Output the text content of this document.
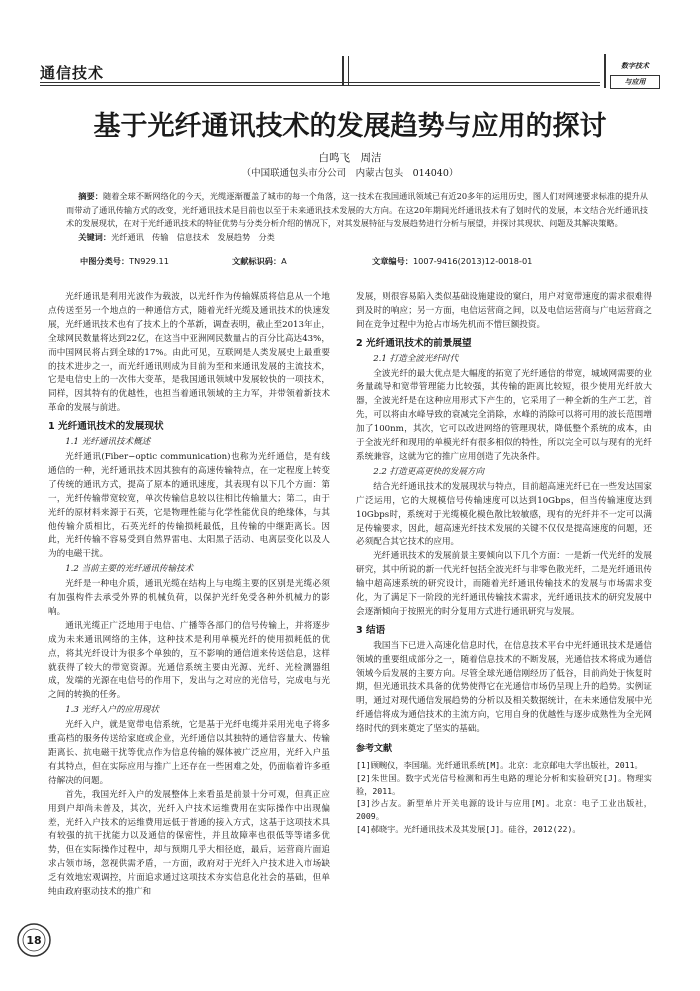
通信技术	数字技术
与应用
基于光纤通讯技术的发展趋势与应用的探讨
白鸣飞　周洁
（中国联通包头市分公司　内蒙古包头　014040）

摘要：随着全球不断网络化的今天，光缆逐渐覆盖了城市的每一个角落，这一技术在我国通讯领域已有近20多年的运用历史，图人们对网速要求标准的提升从而带动了通讯传输方式的改变，光纤通讯技术是目前也以至于未来通讯技术发展的大方向。在这20年期间光纤通讯技术有了划时代的发展，本文结合光纤通讯技术的发展现状，在对于光纤通讯技术的特征优势与分类分析介绍的情况下，对其发展特征与发展趋势进行分析与展望，并探讨其现状、问题及其解决策略。

关键词：光纤通讯　传输　信息技术　发展趋势　分类

中图分类号：TN929.11	文献标识码：A	文章编号：1007-9416(2013)12-0018-01

光纤通讯是利用光波作为载波，以光纤作为传输媒质将信息从一个地点传送至另一个地点的一种通信方式，随着光纤光缆及通讯技术的快速发展，光纤通讯技术也有了技术上的个革新，调查表明，截止至2013年止，全球网民数量将达到22亿，在这当中亚洲网民数量占的百分比高达43%，而中国网民将占到全球的17%。由此可见，互联网是人类发展史上最重要的技术进步之一，而光纤通讯则成为目前为至和来通讯发展的主流技术，它是电信史上的一次伟大变革，是我国通讯领域中发展较快的一项技术，同样，因其特有的优越性，也担当着通讯领域的主力军，并带领着新技术革命的发展与前进。

1 光纤通讯技术的发展现状
1.1 光纤通讯技术概述

光纤通讯(Fiber−optic communication)也称为光纤通信，是有线通信的一种，光纤通讯技术因其独有的高速传输特点，在一定程度上转变了传统的通讯方式，提高了原本的通讯速度，其表现有以下几个方面：第一，光纤传输带宽较宽，单次传输信息较以往相比传输量大；第二，由于光纤的原材料来源于石英，它是物理性能与化学性能优良的绝缘体，与其他传输介质相比，石英光纤的传输损耗最低，且传输的中继距离长。因此，光纤传输不容易受到自然界雷电、太阳黑子活动、电离层变化以及人为的电磁干扰。

1.2 当前主要的光纤通讯传输技术

光纤是一种电介质，通讯光缆在结构上与电缆主要的区别是光缆必须有加强构件去承受外界的机械负荷，以保护光纤免受各种外机械力的影响。

通讯光缆正广泛地用于电信、广播等各部门的信号传输上，并将逐步成为未来通讯网络的主体，这种技术是利用单模光纤的使用损耗低的优点，将其光纤设计为很多个单独的，互不影响的通信道来传送信息，这样就获得了较大的带宽资源。光通信系统主要由光源、光纤、光检测器组成，发端的光源在电信号的作用下，发出与之对应的光信号，完成电与光之间的转换的任务。

1.3 光纤入户的应用现状

光纤入户，就是宽带电信系统，它是基于光纤电缆并采用光电子将多重高档的服务传送给家庭或企业，光纤通信以其独特的通信容量大、传输距离长、抗电磁干扰等优点作为信息传输的媒体被广泛应用，光纤入户虽有其特点，但在实际应用与推广上还存在一些困难之处，仍面临着许多亟待解决的问题。

首先，我国光纤入户的发展整体上来看虽是前景十分可观，但真正应用到户却尚未普及，其次，光纤入户技术运维费用在实际操作中出现偏差，光纤入户技术的运维费用远低于普通的接入方式，这基于这项技术具有较强的抗干扰能力以及通信的保密性，并且故障率也很低等等诸多优势，但在实际操作过程中，却与预期几乎大相径庭，最后，运营商片面追求占领市场，忽视供需矛盾，一方面，政府对于光纤入户技术进入市场缺乏有效地宏观调控，片面追求通过这项技术夯实信息化社会的基础，但单纯由政府驱动技术的推广和

发展，则很容易陷入类似基础设施建设的窠臼，用户对宽带速度的需求很难得到及时的响应；另一方面，电信运营商之间，以及电信运营商与广电运营商之间在竞争过程中为抢占市场先机而不惜巨额投资。

2 光纤通讯技术的前景展望
2.1 打造全波光纤时代

全波光纤的最大优点是大幅度的拓宽了光纤通信的带宽，城域网需要的业务量疏导和宽带管理能力比较强，其传输的距离比较短，很少使用光纤放大器，全波光纤是在这种应用形式下产生的，它采用了一种全新的生产工艺，首先，可以将由水峰导致的衰减完全消除，水峰的消除可以将可用的波长范围增加了100nm，其次，它可以改进网络的管理现状，降低整个系统的成本，由于全波光纤和现用的单模光纤有很多相似的特性，所以完全可以与现有的光纤系统兼容，这就为它的推广应用创造了先决条件。

2.2 打造更高更快的发展方向

结合光纤通讯技术的发展现状与特点，目前超高速光纤已在一些发达国家广泛运用，它的大规模信号传输速度可以达到10Gbps，但当传输速度达到10Gbps时，系统对于光缆模化模色散比较敏感，现有的光纤并不一定可以满足传输要求，因此，超高速光纤技术发展的关键不仅仅是提高速度的问题，还必须配合其它技术的应用。

光纤通讯技术的发展前景主要倾向以下几个方面：一是新一代光纤的发展研究，其中所说的新一代光纤包括全波光纤与非零色散光纤，二是光纤通讯传输中超高速系统的研究设计，而随着光纤通讯传输技术的发展与市场需求变化，为了满足下一阶段的光纤通讯传输技术需求，光纤通讯技术的研究发展中会逐渐倾向于按照光的时分复用方式进行通讯研究与发展。

3 结语

我国当下已进入高速化信息时代，在信息技术平台中光纤通讯技术是通信领域的重要组成部分之一，随着信息技术的不断发展，光通信技术将成为通信领域今后发展的主要方向。尽管全球光通信刚经历了低谷，目前尚处于恢复时期，但光通讯技术具备的优势使得它在光通信市场仍呈现上升的趋势。实例证明，通过对现代通信发展趋势的分析以及相关数据统计，在未来通信发展中光纤通信将成为通信技术的主流方向，它用自身的优越性与逐步成熟性为全光网络时代的到来奠定了坚实的基础。

参考文献

[1]顾畹仪，李国瑞。光纤通讯系统[M]。北京：北京邮电大学出版社，2011。

[2]朱世国。数字式光信号检测和再生电路的理论分析和实验研究[J]。物理实验，2011。

[3]沙占友。新型单片开关电源的设计与应用[M]。北京：电子工业出版社，2009。

[4]郝晓宇。光纤通讯技术及其发展[J]。硅谷，2012(22)。

18
